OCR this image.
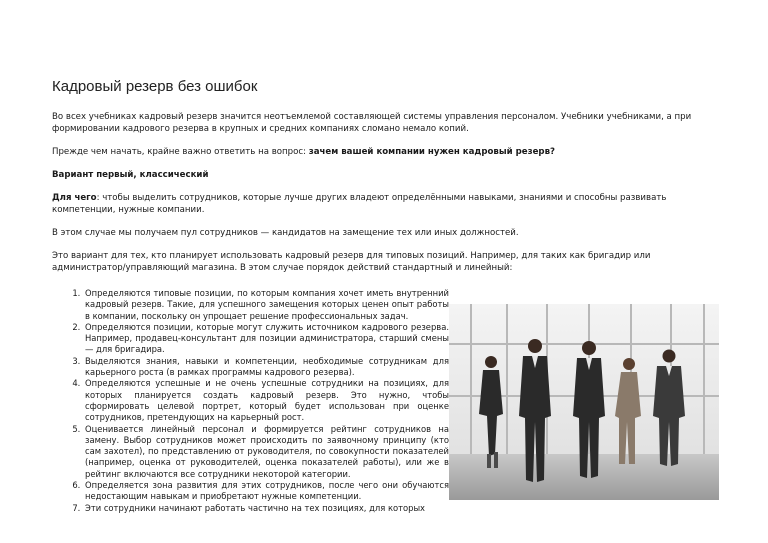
Кадровый резерв без ошибок

Во всех учебниках кадровый резерв значится неотъемлемой составляющей системы управления персоналом. Учебники учебниками, а при формировании кадрового резерва в крупных и средних компаниях сломано немало копий.

Прежде чем начать, крайне важно ответить на вопрос: зачем вашей компании нужен кадровый резерв?

Вариант первый, классический

Для чего: чтобы выделить сотрудников, которые лучше других владеют определёнными навыками, знаниями и способны развивать компетенции, нужные компании.

В этом случае мы получаем пул сотрудников — кандидатов на замещение тех или иных должностей.

Это вариант для тех, кто планирует использовать кадровый резерв для типовых позиций. Например, для таких как бригадир или администратор/управляющий магазина. В этом случае порядок действий стандартный и линейный:

1. Определяются типовые позиции, по которым компания хочет иметь внутренний кадровый резерв. Такие, для успешного замещения которых ценен опыт работы в компании, поскольку он упрощает решение профессиональных задач.
2. Определяются позиции, которые могут служить источником кадрового резерва. Например, продавец-консультант для позиции администратора, старший смены — для бригадира.
3. Выделяются знания, навыки и компетенции, необходимые сотрудникам для карьерного роста (в рамках программы кадрового резерва).
4. Определяются успешные и не очень успешные сотрудники на позициях, для которых планируется создать кадровый резерв. Это нужно, чтобы сформировать целевой портрет, который будет использован при оценке сотрудников, претендующих на карьерный рост.
5. Оценивается линейный персонал и формируется рейтинг сотрудников на замену. Выбор сотрудников может происходить по заявочному принципу (кто сам захотел), по представлению от руководителя, по совокупности показателей (например, оценка от руководителей, оценка показателей работы), или же в рейтинг включаются все сотрудники некоторой категории.
6. Определяется зона развития для этих сотрудников, после чего они обучаются недостающим навыкам и приобретают нужные компетенции.
7. Эти сотрудники начинают работать частично на тех позициях, для которых
